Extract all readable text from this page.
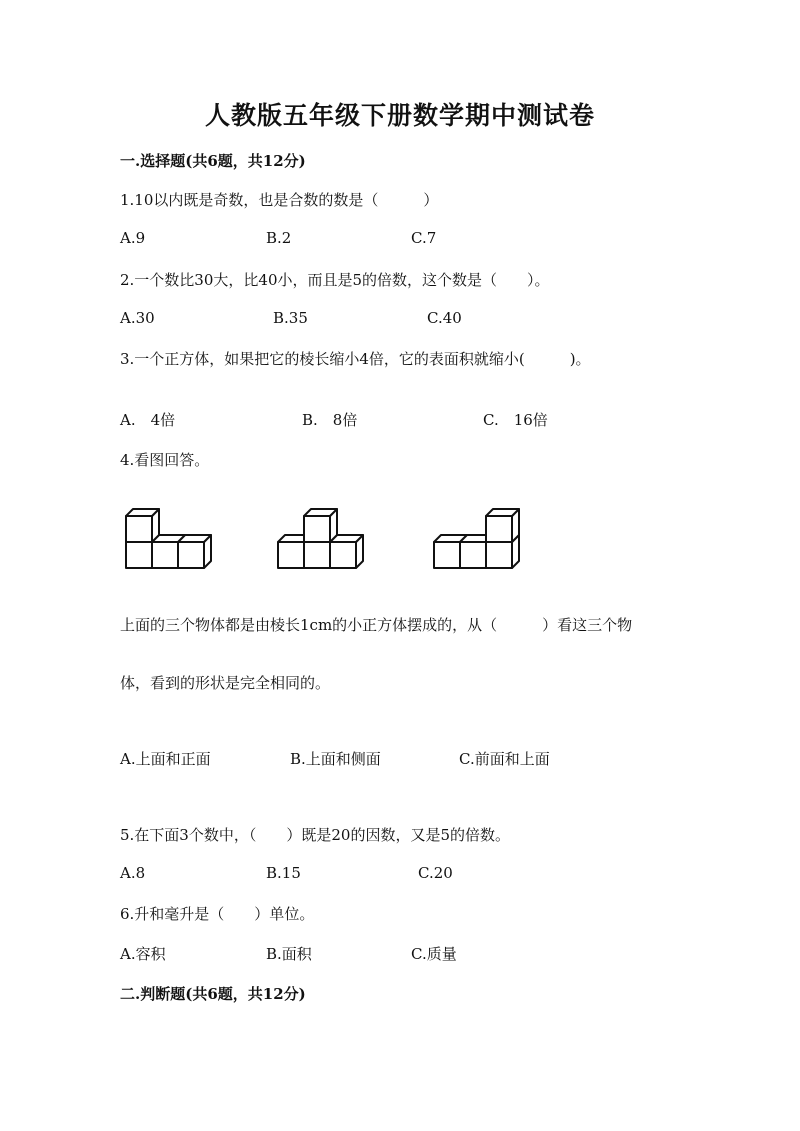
人教版五年级下册数学期中测试卷
一.选择题(共6题，共12分)
1.10以内既是奇数，也是合数的数是（　　　）
A.9	B.2	C.7
2.一个数比30大，比40小，而且是5的倍数，这个数是（　　）。
A.30	B.35	C.40
3.一个正方体，如果把它的棱长缩小4倍，它的表面积就缩小(　　　)。
A.　4倍	B.　8倍	C.　16倍
4.看图回答。
上面的三个物体都是由棱长1cm的小正方体摆成的，从（　　　）看这三个物
体，看到的形状是完全相同的。
A.上面和正面	B.上面和侧面	C.前面和上面
5.在下面3个数中，（　　）既是20的因数，又是5的倍数。
A.8	B.15	C.20
6.升和毫升是（　　）单位。
A.容积	B.面积	C.质量
二.判断题(共6题，共12分)
